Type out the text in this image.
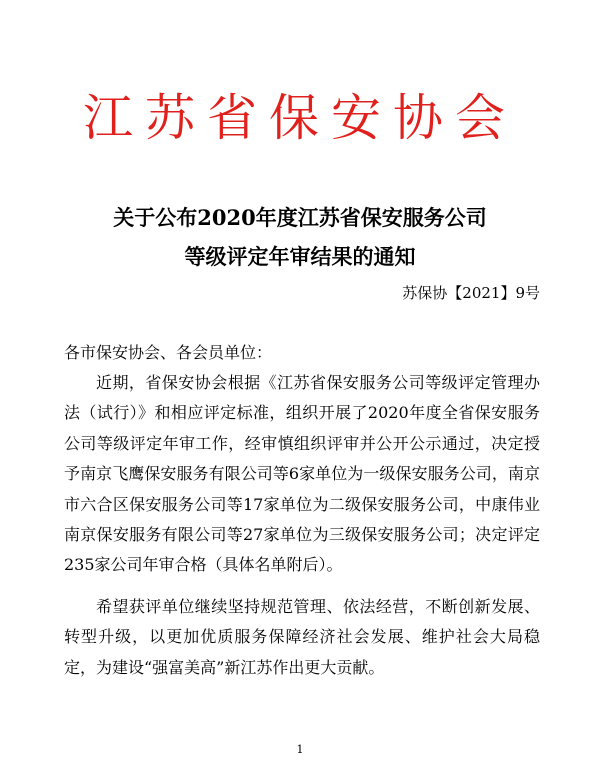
江苏省保安协会
关于公布2020年度江苏省保安服务公司
等级评定年审结果的通知
苏保协【2021】9号
各市保安协会、各会员单位：
近期，省保安协会根据《江苏省保安服务公司等级评定管理办法（试行）》和相应评定标准，组织开展了2020年度全省保安服务公司等级评定年审工作，经审慎组织评审并公开公示通过，决定授予南京飞鹰保安服务有限公司等6家单位为一级保安服务公司，南京市六合区保安服务公司等17家单位为二级保安服务公司，中康伟业南京保安服务有限公司等27家单位为三级保安服务公司；决定评定235家公司年审合格（具体名单附后）。
希望获评单位继续坚持规范管理、依法经营，不断创新发展、转型升级，以更加优质服务保障经济社会发展、维护社会大局稳定，为建设“强富美高”新江苏作出更大贡献。
1
